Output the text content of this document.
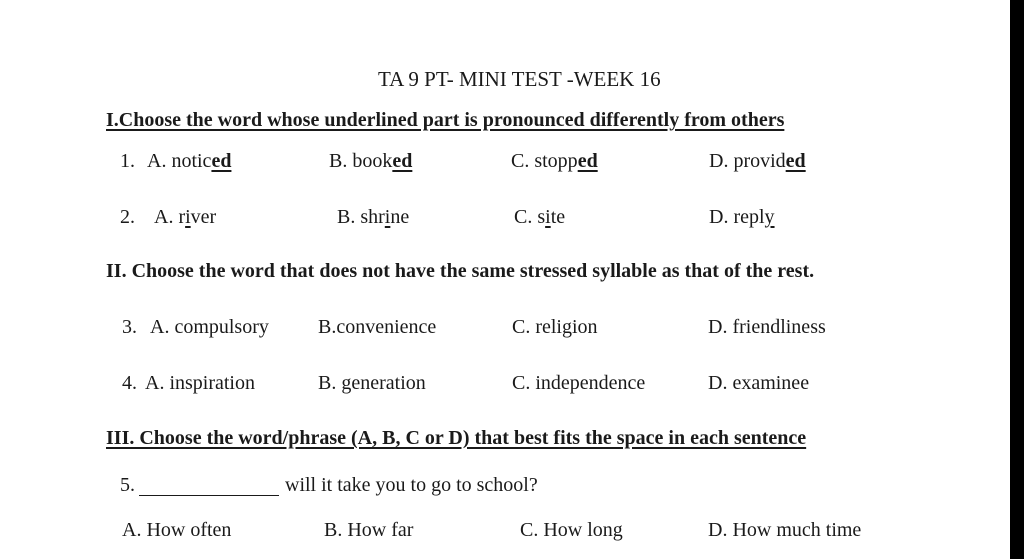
TA 9 PT- MINI TEST -WEEK 16
I.Choose the word whose underlined part is pronounced differently from others
1. A. noticed	B. booked	C. stopped	D. provided
2. A. river	B. shrine	C. site	D. reply
II. Choose the word that does not have the same stressed syllable as that of the rest.
3. A. compulsory B.convenience	C. religion	D. friendliness
4. A. inspiration	B. generation	C. independence	D. examinee
III. Choose the word/phrase (A, B, C or D) that best fits the space in each sentence
5.	will it take you to go to school?
A. How often	B. How far	C. How long	D. How much time
